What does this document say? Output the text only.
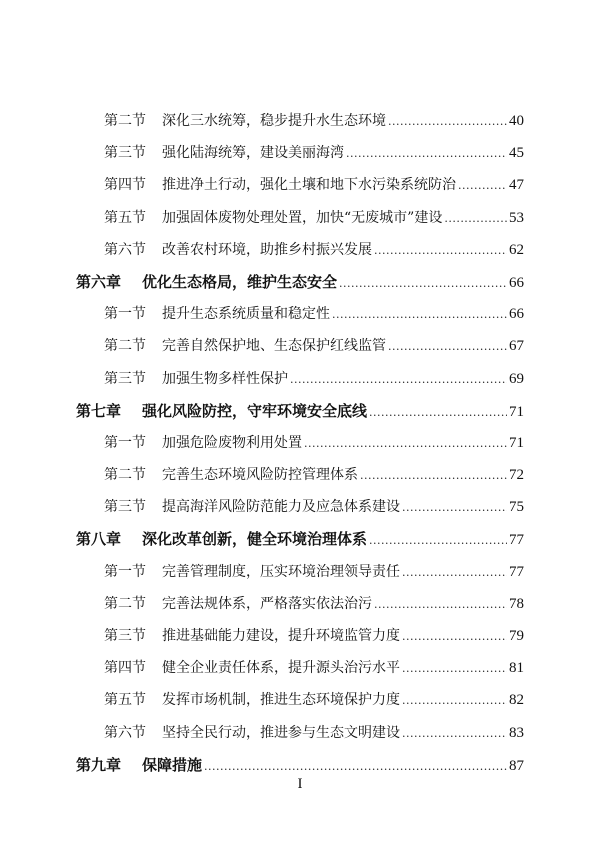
第二节	深化三水统筹，稳步提升水生态环境 .....	40
第三节	强化陆海统筹，建设美丽海湾 .....	45
第四节	推进净土行动，强化土壤和地下水污染系统防治 .....	47
第五节	加强固体废物处理处置，加快“无废城市”建设 .....	53
第六节	改善农村环境，助推乡村振兴发展 .....	62
第六章	优化生态格局，维护生态安全 .....	66
第一节	提升生态系统质量和稳定性 .....	66
第二节	完善自然保护地、生态保护红线监管 .....	67
第三节	加强生物多样性保护 .....	69
第七章	强化风险防控，守牢环境安全底线 .....	71
第一节	加强危险废物利用处置 .....	71
第二节	完善生态环境风险防控管理体系 .....	72
第三节	提高海洋风险防范能力及应急体系建设 .....	75
第八章	深化改革创新，健全环境治理体系 .....	77
第一节	完善管理制度，压实环境治理领导责任 .....	77
第二节	完善法规体系，严格落实依法治污 .....	78
第三节	推进基础能力建设，提升环境监管力度 .....	79
第四节	健全企业责任体系，提升源头治污水平 .....	81
第五节	发挥市场机制，推进生态环境保护力度 .....	82
第六节	坚持全民行动，推进参与生态文明建设 .....	83
第九章	保障措施 .....	87
I
